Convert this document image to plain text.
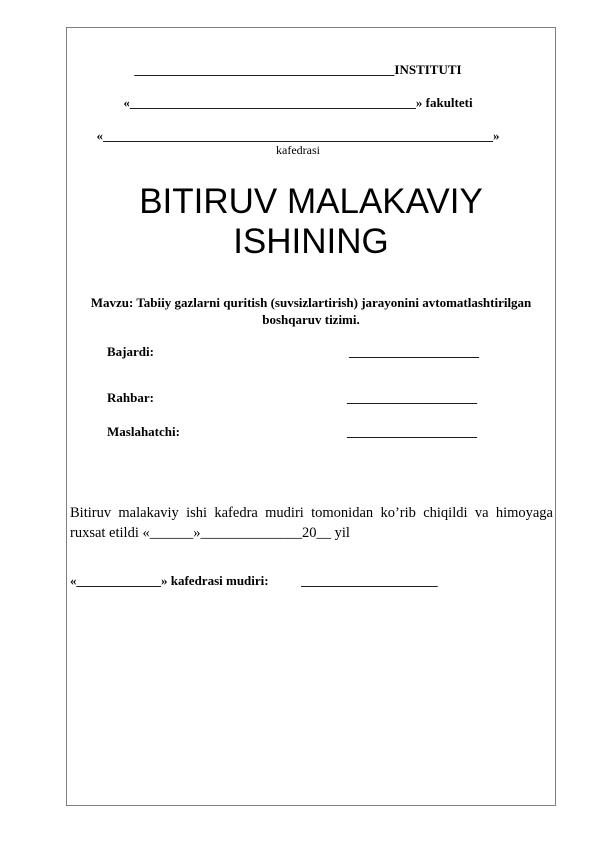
________________________________________INSTITUTI
«____________________________________________» fakulteti
«____________________________________________________________»
kafedrasi
BITIRUV MALAKAVIY
ISHINING
Mavzu: Tabiiy gazlarni quritish (suvsizlartirish) jarayonini avtomatlashtirilgan boshqaruv tizimi.
Bajardi:	____________________
Rahbar:	____________________
Maslahatchi:	____________________
Bitiruv malakaviy ishi kafedra mudiri tomonidan ko’rib chiqildi va himoyaga ruxsat etildi «______»______________20__ yil
«_____________» kafedrasi mudiri:	_____________________
